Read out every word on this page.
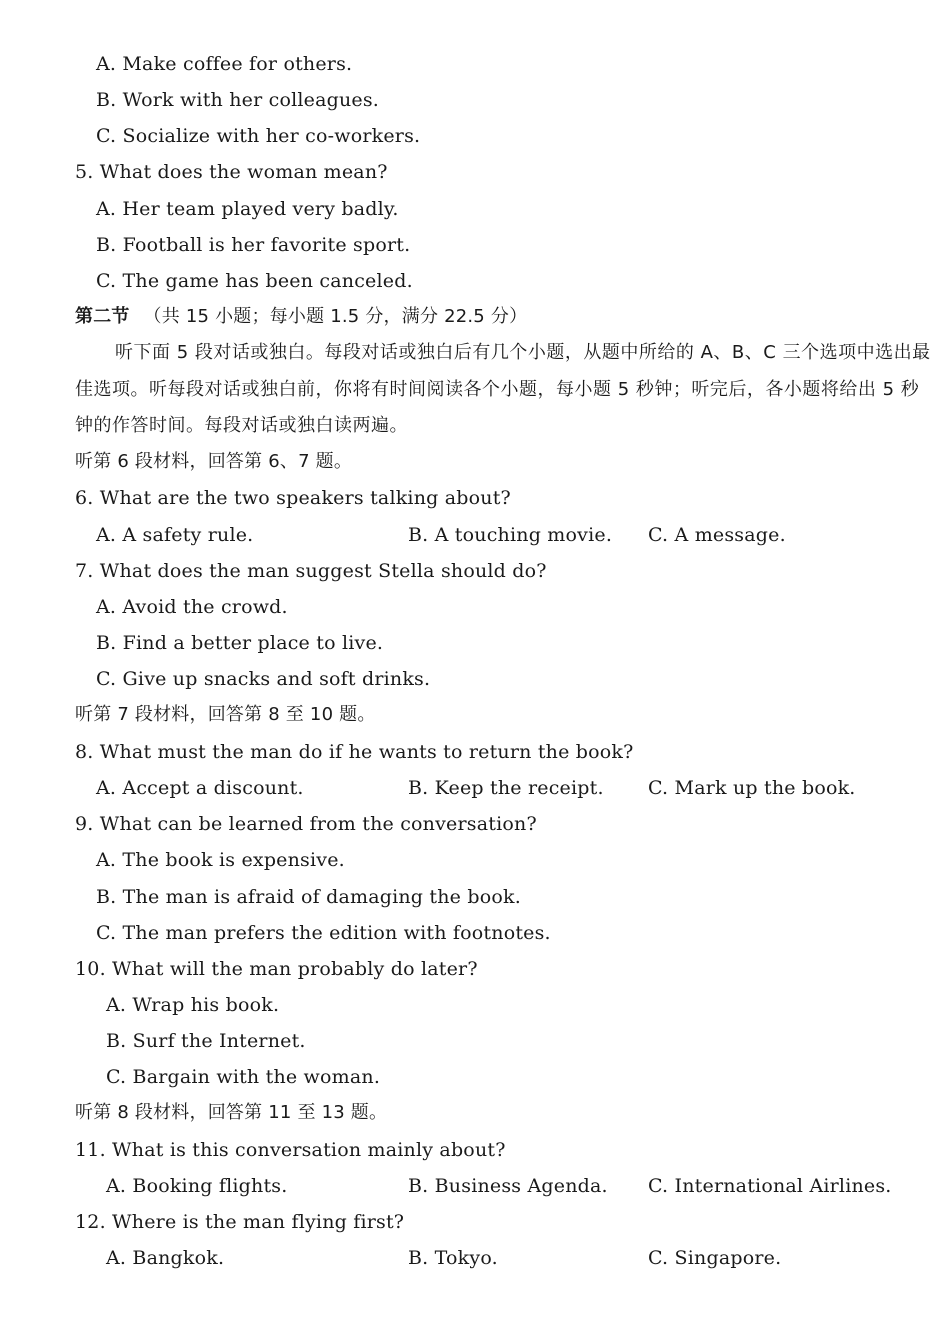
A. Make coffee for others.
B. Work with her colleagues.
C. Socialize with her co-workers.
5. What does the woman mean?
A. Her team played very badly.
B. Football is her favorite sport.
C. The game has been canceled.
第二节 （共 15 小题；每小题 1.5 分，满分 22.5 分）
听下面 5 段对话或独白。每段对话或独白后有几个小题，从题中所给的 A、B、C 三个选项中选出最佳选项。听每段对话或独白前，你将有时间阅读各个小题，每小题 5 秒钟；听完后，各小题将给出 5 秒钟的作答时间。每段对话或独白读两遍。
听第 6 段材料，回答第 6、7 题。
6. What are the two speakers talking about?
A. A safety rule.	B. A touching movie. C. A message.
7. What does the man suggest Stella should do?
A. Avoid the crowd.
B. Find a better place to live.
C. Give up snacks and soft drinks.
听第 7 段材料，回答第 8 至 10 题。
8. What must the man do if he wants to return the book?
A. Accept a discount.	B. Keep the receipt. C. Mark up the book.
9. What can be learned from the conversation?
A. The book is expensive.
B. The man is afraid of damaging the book.
C. The man prefers the edition with footnotes.
10. What will the man probably do later?
A. Wrap his book.
B. Surf the Internet.
C. Bargain with the woman.
听第 8 段材料，回答第 11 至 13 题。
11. What is this conversation mainly about?
A. Booking flights.	B. Business Agenda. C. International Airlines.
12. Where is the man flying first?
A. Bangkok.	B. Tokyo.	C. Singapore.
